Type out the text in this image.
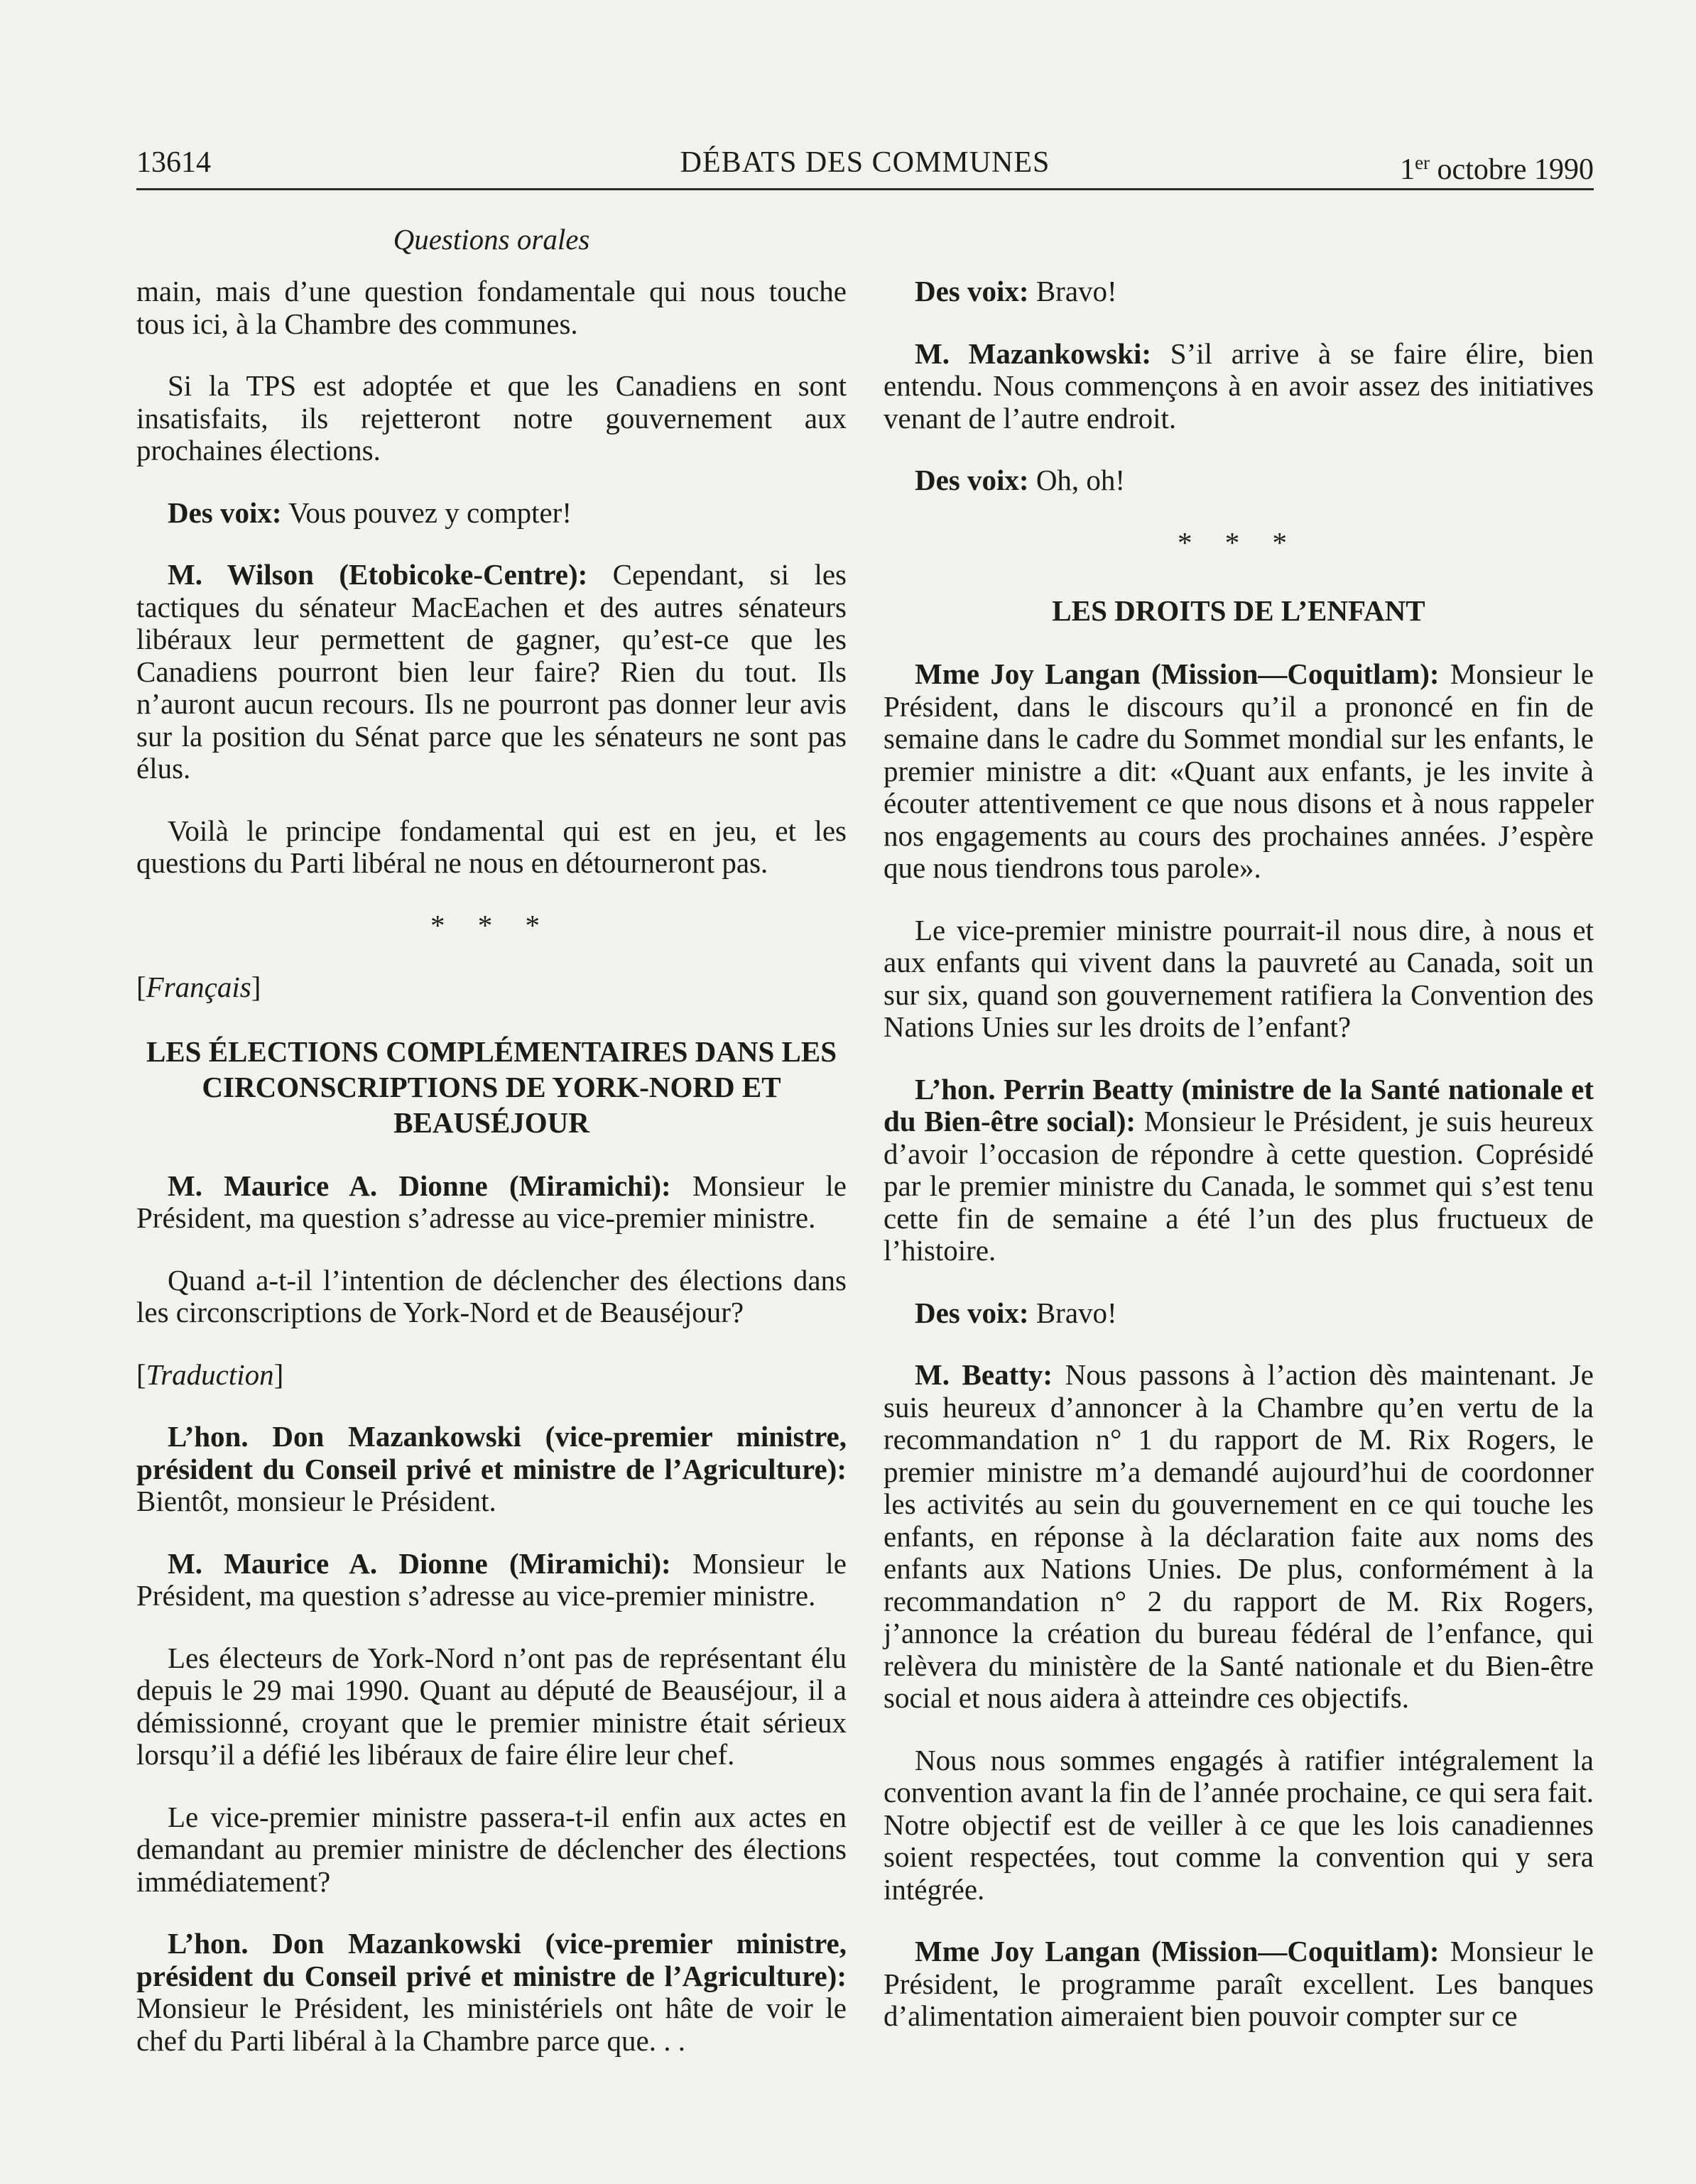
13614	DÉBATS DES COMMUNES	1er octobre 1990
Questions orales

main, mais d’une question fondamentale qui nous touche tous ici, à la Chambre des communes.

Si la TPS est adoptée et que les Canadiens en sont insatisfaits, ils rejetteront notre gouvernement aux prochaines élections.

Des voix: Vous pouvez y compter!

M. Wilson (Etobicoke-Centre): Cependant, si les tactiques du sénateur MacEachen et des autres sénateurs libéraux leur permettent de gagner, qu’est-ce que les Canadiens pourront bien leur faire? Rien du tout. Ils n’auront aucun recours. Ils ne pourront pas donner leur avis sur la position du Sénat parce que les sénateurs ne sont pas élus.

Voilà le principe fondamental qui est en jeu, et les questions du Parti libéral ne nous en détourneront pas.

* * *

[Français]

LES ÉLECTIONS COMPLÉMENTAIRES DANS LES CIRCONSCRIPTIONS DE YORK-NORD ET BEAUSÉJOUR

M. Maurice A. Dionne (Miramichi): Monsieur le Président, ma question s’adresse au vice-premier ministre.

Quand a-t-il l’intention de déclencher des élections dans les circonscriptions de York-Nord et de Beauséjour?

[Traduction]

L’hon. Don Mazankowski (vice-premier ministre, président du Conseil privé et ministre de l’Agriculture): Bientôt, monsieur le Président.

M. Maurice A. Dionne (Miramichi): Monsieur le Président, ma question s’adresse au vice-premier ministre.

Les électeurs de York-Nord n’ont pas de représentant élu depuis le 29 mai 1990. Quant au député de Beauséjour, il a démissionné, croyant que le premier ministre était sérieux lorsqu’il a défié les libéraux de faire élire leur chef.

Le vice-premier ministre passera-t-il enfin aux actes en demandant au premier ministre de déclencher des élections immédiatement?

L’hon. Don Mazankowski (vice-premier ministre, président du Conseil privé et ministre de l’Agriculture): Monsieur le Président, les ministériels ont hâte de voir le chef du Parti libéral à la Chambre parce que. . .

Des voix: Bravo!

M. Mazankowski: S’il arrive à se faire élire, bien entendu. Nous commençons à en avoir assez des initiatives venant de l’autre endroit.

Des voix: Oh, oh!

* * *

LES DROITS DE L’ENFANT

Mme Joy Langan (Mission—Coquitlam): Monsieur le Président, dans le discours qu’il a prononcé en fin de semaine dans le cadre du Sommet mondial sur les enfants, le premier ministre a dit: «Quant aux enfants, je les invite à écouter attentivement ce que nous disons et à nous rappeler nos engagements au cours des prochaines années. J’espère que nous tiendrons tous parole».

Le vice-premier ministre pourrait-il nous dire, à nous et aux enfants qui vivent dans la pauvreté au Canada, soit un sur six, quand son gouvernement ratifiera la Convention des Nations Unies sur les droits de l’enfant?

L’hon. Perrin Beatty (ministre de la Santé nationale et du Bien-être social): Monsieur le Président, je suis heureux d’avoir l’occasion de répondre à cette question. Coprésidé par le premier ministre du Canada, le sommet qui s’est tenu cette fin de semaine a été l’un des plus fructueux de l’histoire.

Des voix: Bravo!

M. Beatty: Nous passons à l’action dès maintenant. Je suis heureux d’annoncer à la Chambre qu’en vertu de la recommandation n° 1 du rapport de M. Rix Rogers, le premier ministre m’a demandé aujourd’hui de coordonner les activités au sein du gouvernement en ce qui touche les enfants, en réponse à la déclaration faite aux noms des enfants aux Nations Unies. De plus, conformément à la recommandation n° 2 du rapport de M. Rix Rogers, j’annonce la création du bureau fédéral de l’enfance, qui relèvera du ministère de la Santé nationale et du Bien-être social et nous aidera à atteindre ces objectifs.

Nous nous sommes engagés à ratifier intégralement la convention avant la fin de l’année prochaine, ce qui sera fait. Notre objectif est de veiller à ce que les lois canadiennes soient respectées, tout comme la convention qui y sera intégrée.

Mme Joy Langan (Mission—Coquitlam): Monsieur le Président, le programme paraît excellent. Les banques d’alimentation aimeraient bien pouvoir compter sur ce
